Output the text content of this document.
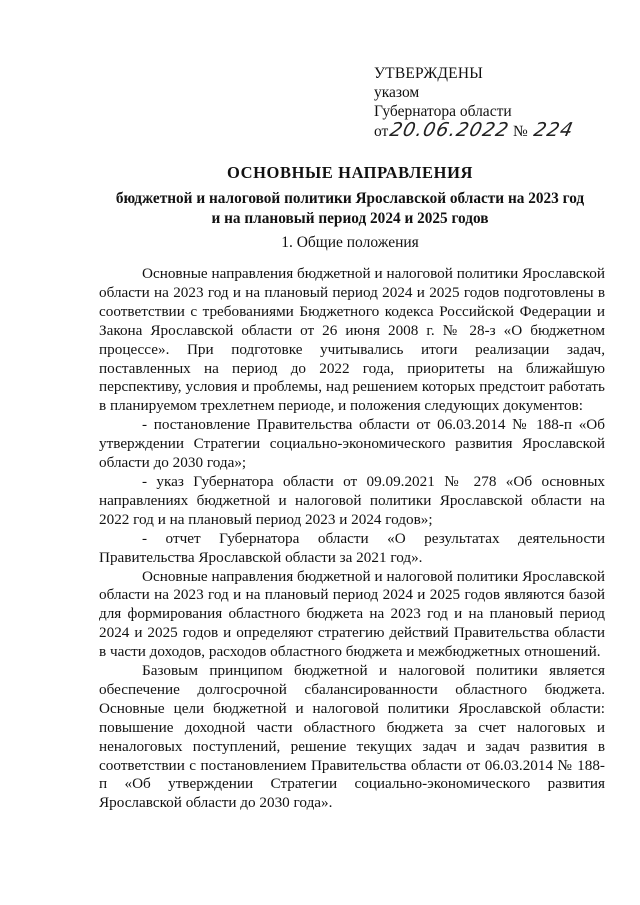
УТВЕРЖДЕНЫ
указом
Губернатора области
от20.06.2022 № 224
ОСНОВНЫЕ НАПРАВЛЕНИЯ
бюджетной и налоговой политики Ярославской области на 2023 год
и на плановый период 2024 и 2025 годов
1. Общие положения

Основные направления бюджетной и налоговой политики Ярославской области на 2023 год и на плановый период 2024 и 2025 годов подготовлены в соответствии с требованиями Бюджетного кодекса Российской Федерации и Закона Ярославской области от 26 июня 2008 г. № 28-з «О бюджетном процессе». При подготовке учитывались итоги реализации задач, поставленных на период до 2022 года, приоритеты на ближайшую перспективу, условия и проблемы, над решением которых предстоит работать в планируемом трехлетнем периоде, и положения следующих документов:

- постановление Правительства области от 06.03.2014 № 188-п «Об утверждении Стратегии социально-экономического развития Ярославской области до 2030 года»;

- указ Губернатора области от 09.09.2021 № 278 «Об основных направлениях бюджетной и налоговой политики Ярославской области на 2022 год и на плановый период 2023 и 2024 годов»;

- отчет Губернатора области «О результатах деятельности Правительства Ярославской области за 2021 год».

Основные направления бюджетной и налоговой политики Ярославской области на 2023 год и на плановый период 2024 и 2025 годов являются базой для формирования областного бюджета на 2023 год и на плановый период 2024 и 2025 годов и определяют стратегию действий Правительства области в части доходов, расходов областного бюджета и межбюджетных отношений.

Базовым принципом бюджетной и налоговой политики является обеспечение долгосрочной сбалансированности областного бюджета. Основные цели бюджетной и налоговой политики Ярославской области: повышение доходной части областного бюджета за счет налоговых и неналоговых поступлений, решение текущих задач и задач развития в соответствии с постановлением Правительства области от 06.03.2014 № 188-п «Об утверждении Стратегии социально-экономического развития Ярославской области до 2030 года».
